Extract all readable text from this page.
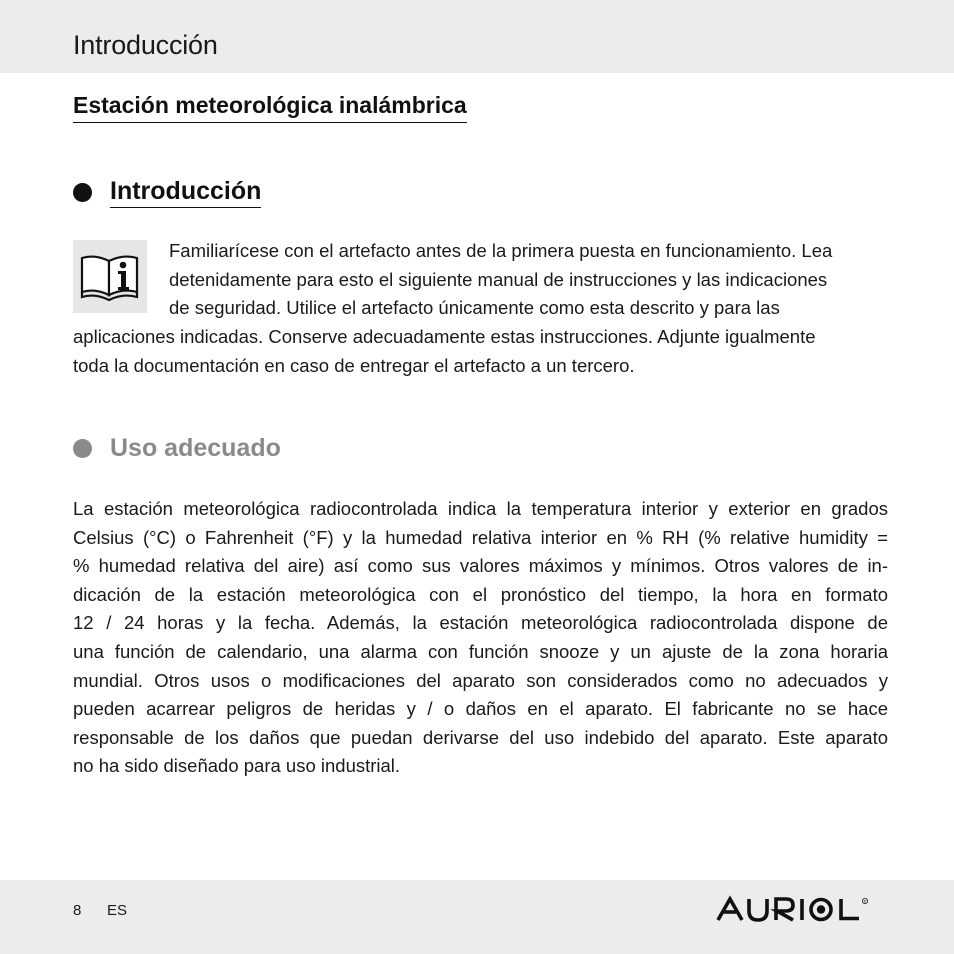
Introducción
Estación meteorológica inalámbrica
Introducción

Familiarícese con el artefacto antes de la primera puesta en funcionamiento. Lea
detenidamente para esto el siguiente manual de instrucciones y las indicaciones
de seguridad. Utilice el artefacto únicamente como esta descrito y para las

aplicaciones indicadas. Conserve adecuadamente estas instrucciones. Adjunte igualmente
toda la documentación en caso de entregar el artefacto a un tercero.

Uso adecuado

La estación meteorológica radiocontrolada indica la temperatura interior y exterior en grados
Celsius (°C) o Fahrenheit (°F) y la humedad relativa interior en % RH (% relative humidity =
% humedad relativa del aire) así como sus valores máximos y mínimos. Otros valores de in-
dicación de la estación meteorológica con el pronóstico del tiempo, la hora en formato
12 / 24 horas y la fecha. Además, la estación meteorológica radiocontrolada dispone de
una función de calendario, una alarma con función snooze y un ajuste de la zona horaria
mundial. Otros usos o modificaciones del aparato son considerados como no adecuados y
pueden acarrear peligros de heridas y / o daños en el aparato. El fabricante no se hace
responsable de los daños que puedan derivarse del uso indebido del aparato. Este aparato
no ha sido diseñado para uso industrial.

8 ES
R
